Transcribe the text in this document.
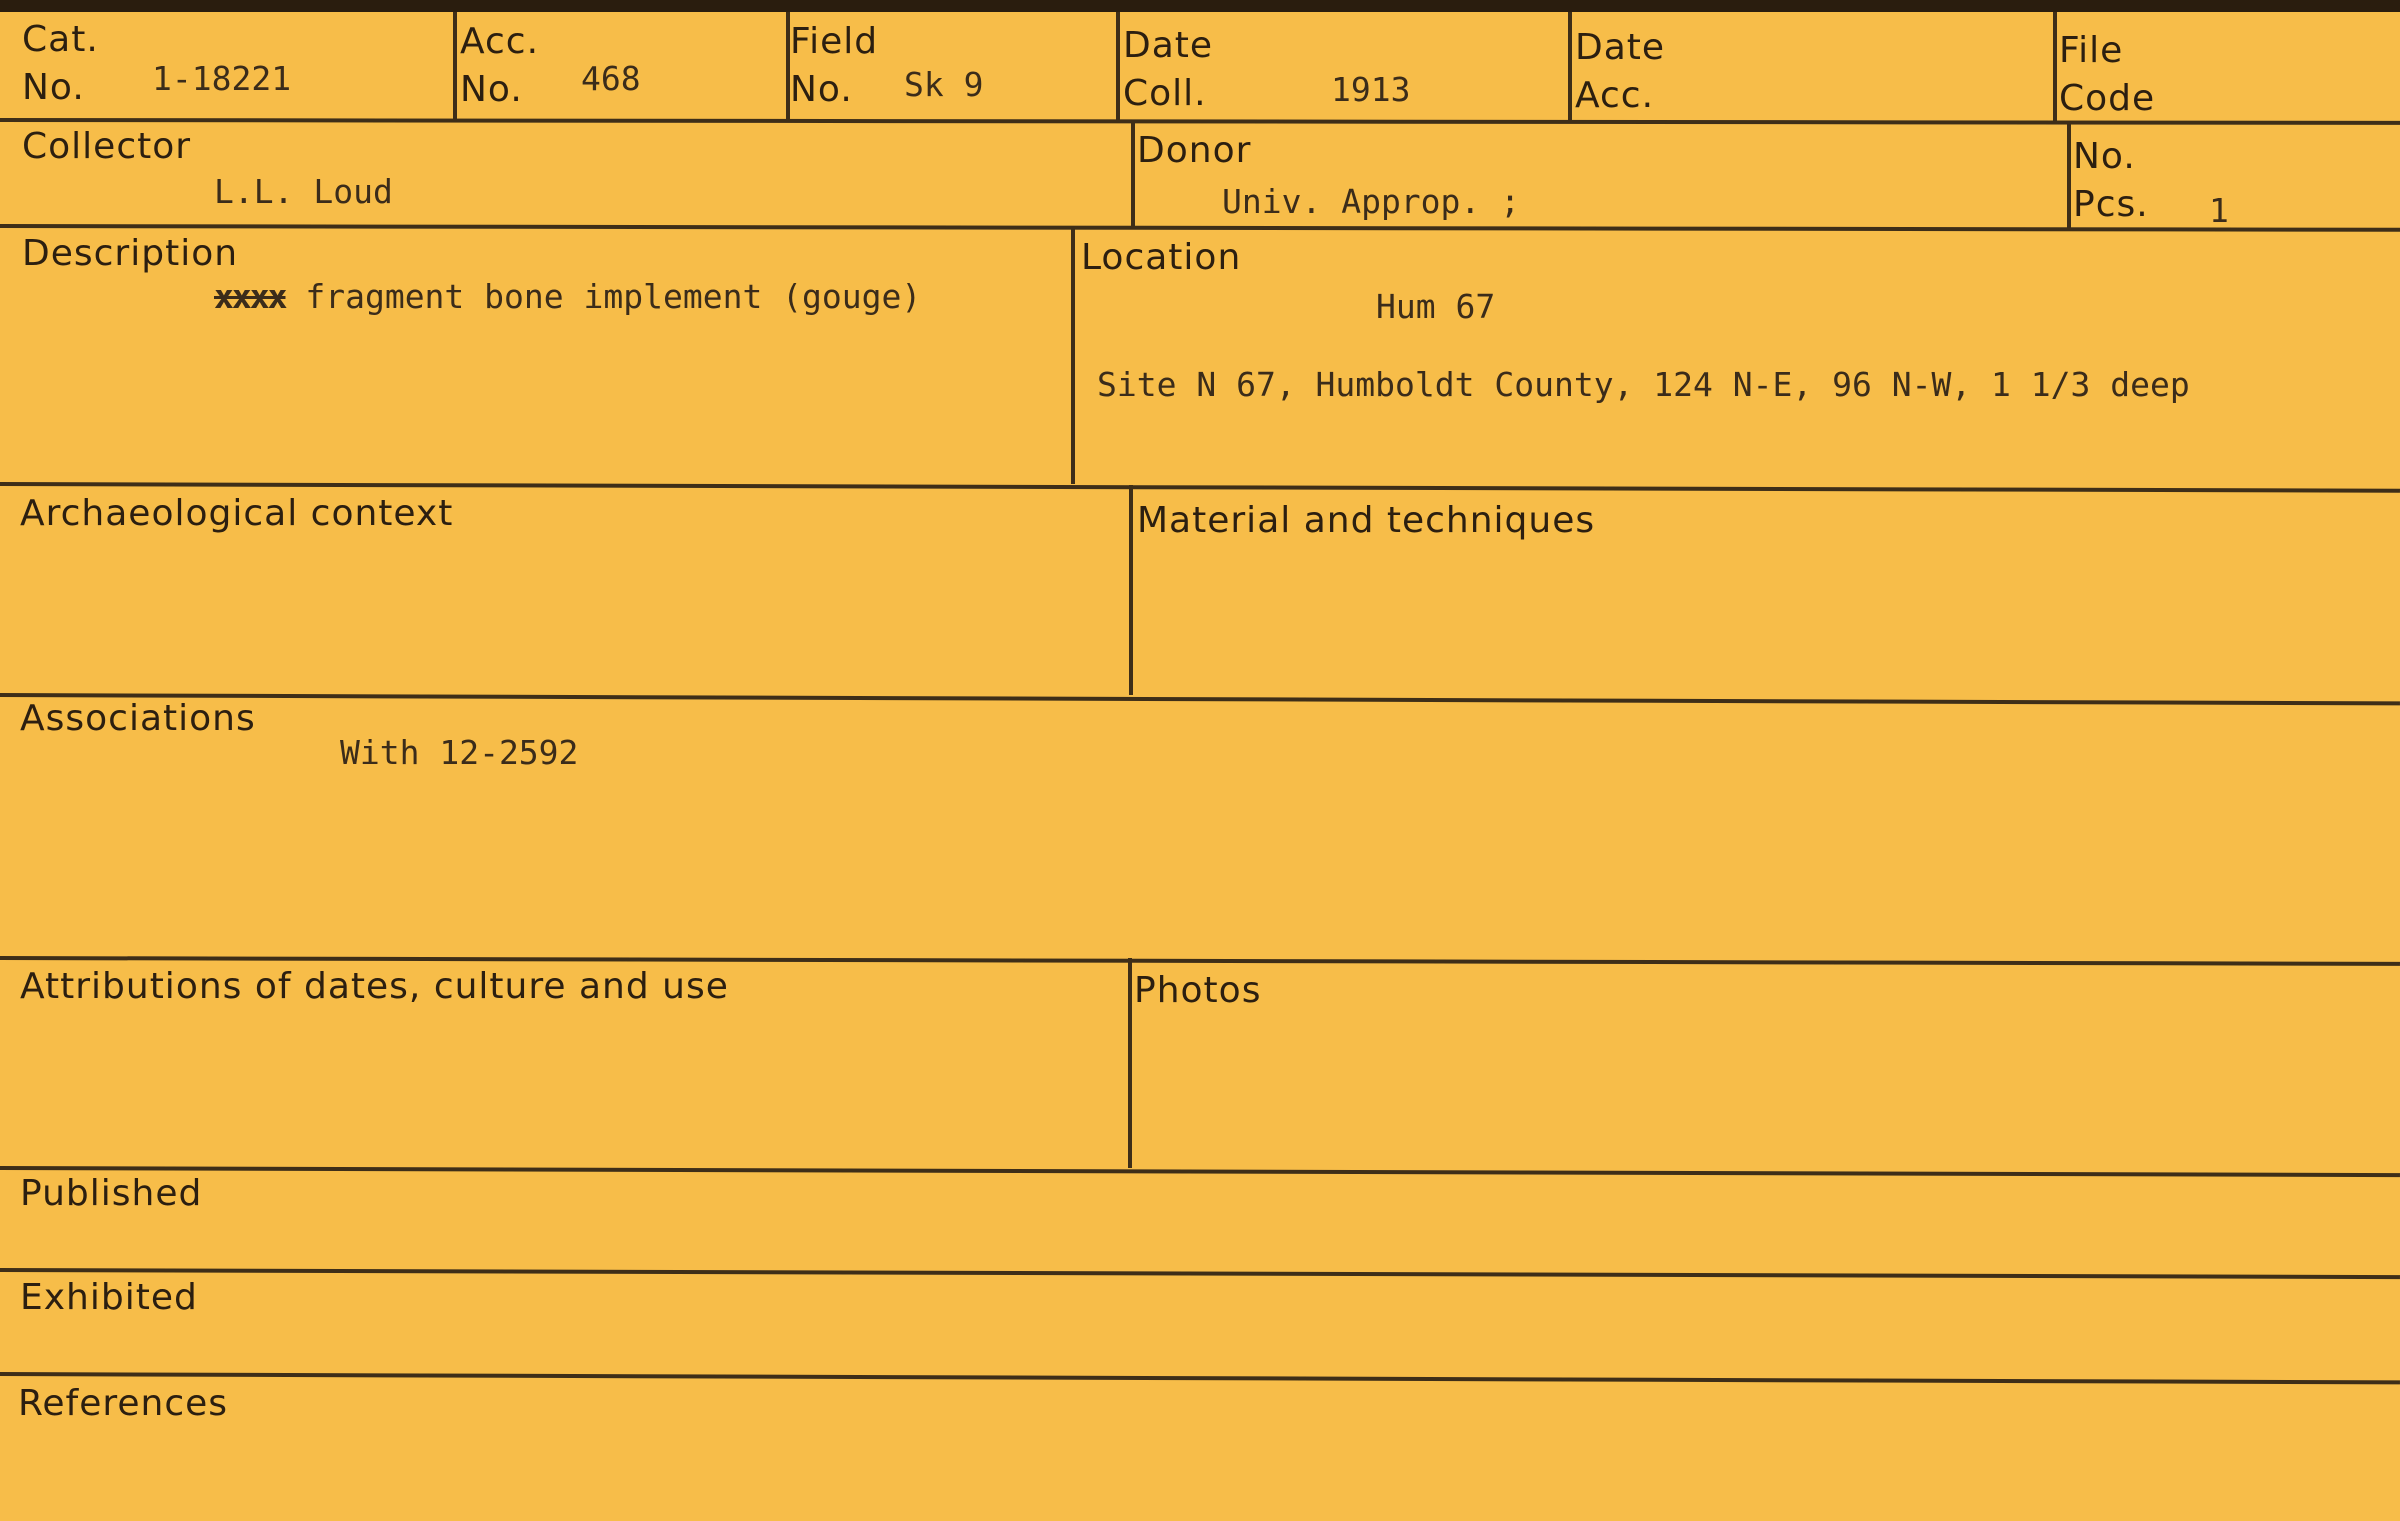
Cat.
No.	1-18221

Acc.
No.	468

Field
No.	Sk 9

Date
Coll.	1913

Date
Acc.

File
Code

Collector
L.L. Loud
Donor
Univ. Approp. ;

No.
Pcs. 1
Description
xxxx fragment bone implement (gouge)
Location
Hum 67
Site N 67, Humboldt County, 124 N-E, 96 N-W, 1 1/3 deep
Archaeological context	Material and techniques
Associations
With 12-2592
Attributions of dates, culture and use	Photos
Published
Exhibited
References
